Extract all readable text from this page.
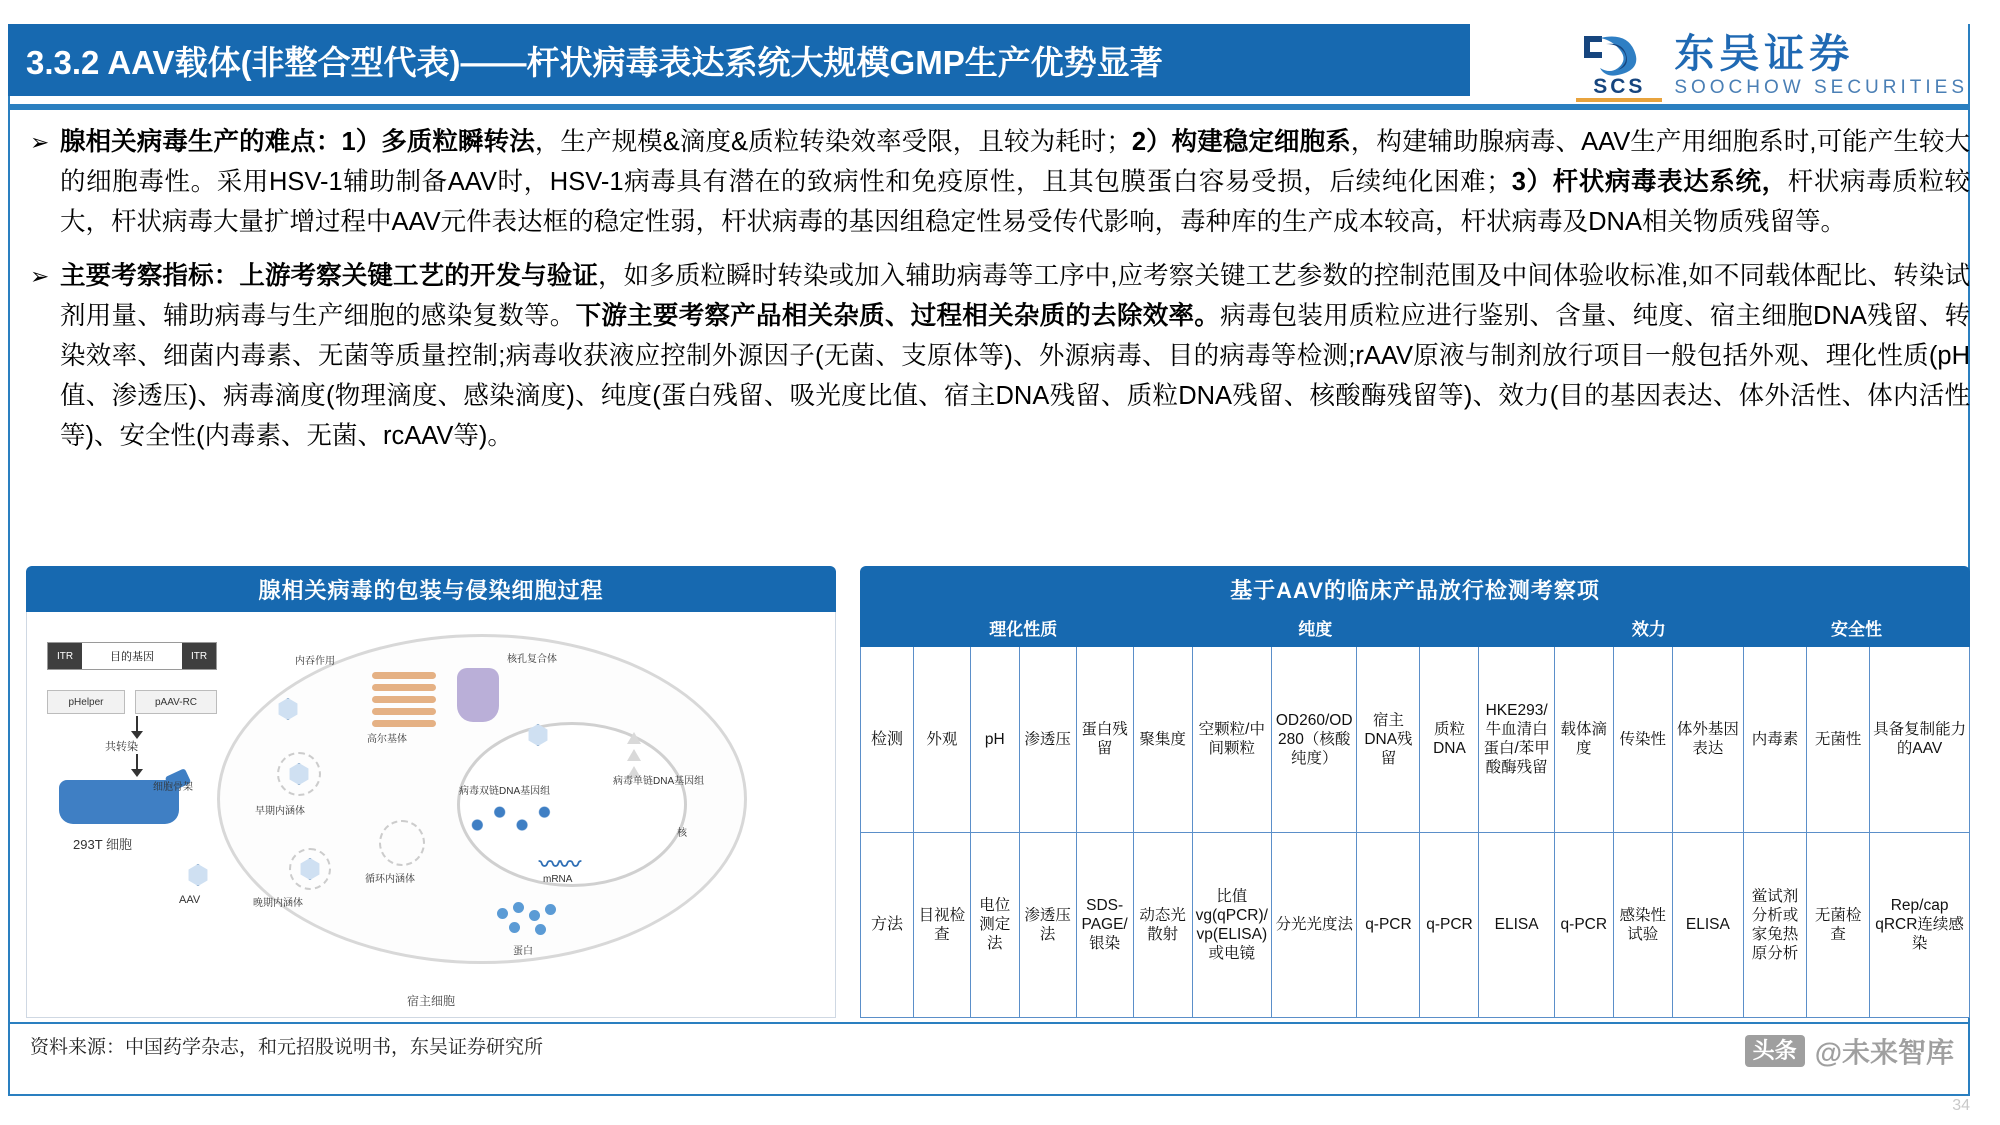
3.3.2 AAV载体(非整合型代表)——杆状病毒表达系统大规模GMP生产优势显著
SCS
东吴证券
SOOCHOW SECURITIES
➢ 腺相关病毒生产的难点：1）多质粒瞬转法，生产规模&滴度&质粒转染效率受限，且较为耗时；2）构建稳定细胞系，构建辅助腺病毒、AAV生产用细胞系时,可能产生较大的细胞毒性。采用HSV-1辅助制备AAV时，HSV-1病毒具有潜在的致病性和免疫原性，且其包膜蛋白容易受损，后续纯化困难；3）杆状病毒表达系统，杆状病毒质粒较大，杆状病毒大量扩增过程中AAV元件表达框的稳定性弱，杆状病毒的基因组稳定性易受传代影响，毒种库的生产成本较高，杆状病毒及DNA相关物质残留等。
➢ 主要考察指标：上游考察关键工艺的开发与验证，如多质粒瞬时转染或加入辅助病毒等工序中,应考察关键工艺参数的控制范围及中间体验收标准,如不同载体配比、转染试剂用量、辅助病毒与生产细胞的感染复数等。下游主要考察产品相关杂质、过程相关杂质的去除效率。病毒包装用质粒应进行鉴别、含量、纯度、宿主细胞DNA残留、转染效率、细菌内毒素、无菌等质量控制;病毒收获液应控制外源因子(无菌、支原体等)、外源病毒、目的病毒等检测;rAAV原液与制剂放行项目一般包括外观、理化性质(pH值、渗透压)、病毒滴度(物理滴度、感染滴度)、纯度(蛋白残留、吸光度比值、宿主DNA残留、质粒DNA残留、核酸酶残留等)、效力(目的基因表达、体外活性、体内活性等)、安全性(内毒素、无菌、rcAAV等)。
腺相关病毒的包装与侵染细胞过程
ITR	目的基因	ITR
pHelper	pAAV-RC
共转染
293T 细胞
AAV
内吞作用	核孔复合体
高尔基体
早期内涵体
细胞骨架
晚期内涵体
循环内涵体
病毒单链DNA基因组
病毒双链DNA基因组
核
〰〰
mRNA
蛋白
宿主细胞
基于AAV的临床产品放行检测考察项
		理化性质		纯度							效力			安全性		
检测	外观	pH	渗透压	蛋白残留	聚集度	空颗粒/中间颗粒	OD260/OD280（核酸纯度）	宿主DNA残留	质粒DNA	HKE293/牛血清白蛋白/苯甲酸酶残留	载体滴度	传染性	体外基因表达	内毒素	无菌性	具备复制能力的AAV
方法	目视检查	电位测定法	渗透压法	SDS-PAGE/银染	动态光散射	比值vg(qPCR)/vp(ELISA)或电镜	分光光度法	q-PCR	q-PCR	ELISA	q-PCR	感染性试验	ELISA	鲎试剂分析或家兔热原分析	无菌检查	Rep/cap qRCR连续感染
资料来源：中国药学杂志，和元招股说明书，东吴证券研究所
34
头条 @未来智库
